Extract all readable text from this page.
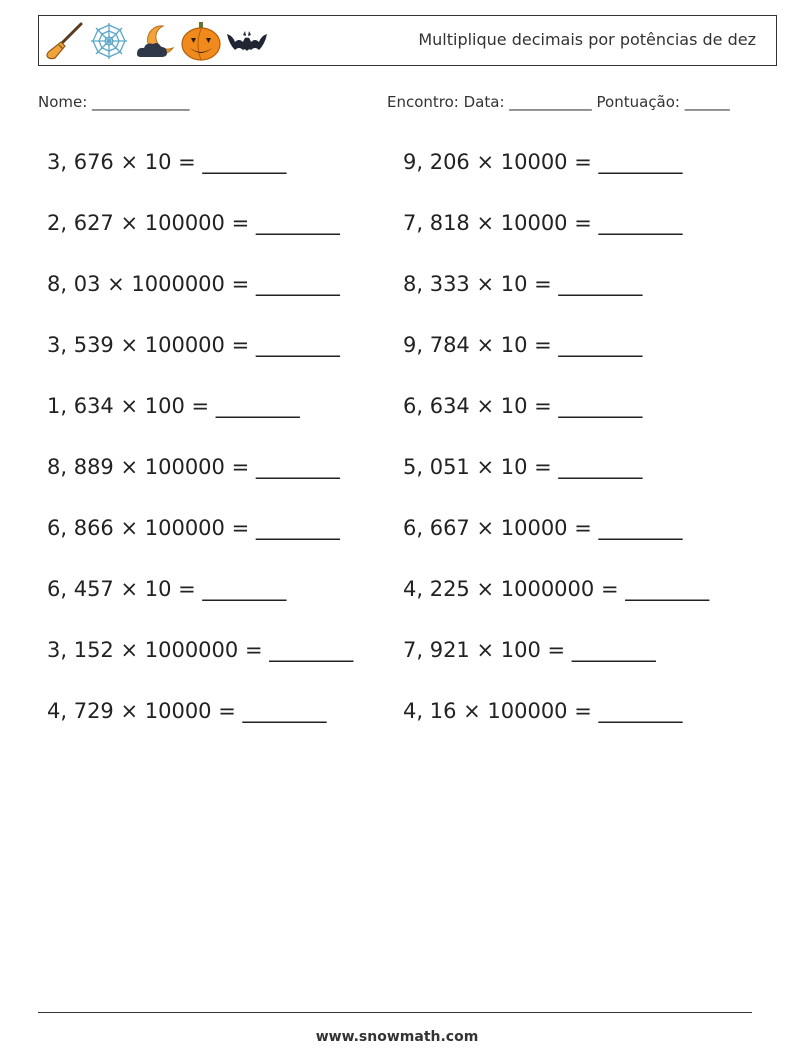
Multiplique decimais por potências de dez
Nome: _____________	Encontro: Data: ___________ Pontuação: ______
3, 676 × 10 = ________
2, 627 × 100000 = ________
8, 03 × 1000000 = ________
3, 539 × 100000 = ________
1, 634 × 100 = ________
8, 889 × 100000 = ________
6, 866 × 100000 = ________
6, 457 × 10 = ________
3, 152 × 1000000 = ________
4, 729 × 10000 = ________
9, 206 × 10000 = ________
7, 818 × 10000 = ________
8, 333 × 10 = ________
9, 784 × 10 = ________
6, 634 × 10 = ________
5, 051 × 10 = ________
6, 667 × 10000 = ________
4, 225 × 1000000 = ________
7, 921 × 100 = ________
4, 16 × 100000 = ________
www.snowmath.com
